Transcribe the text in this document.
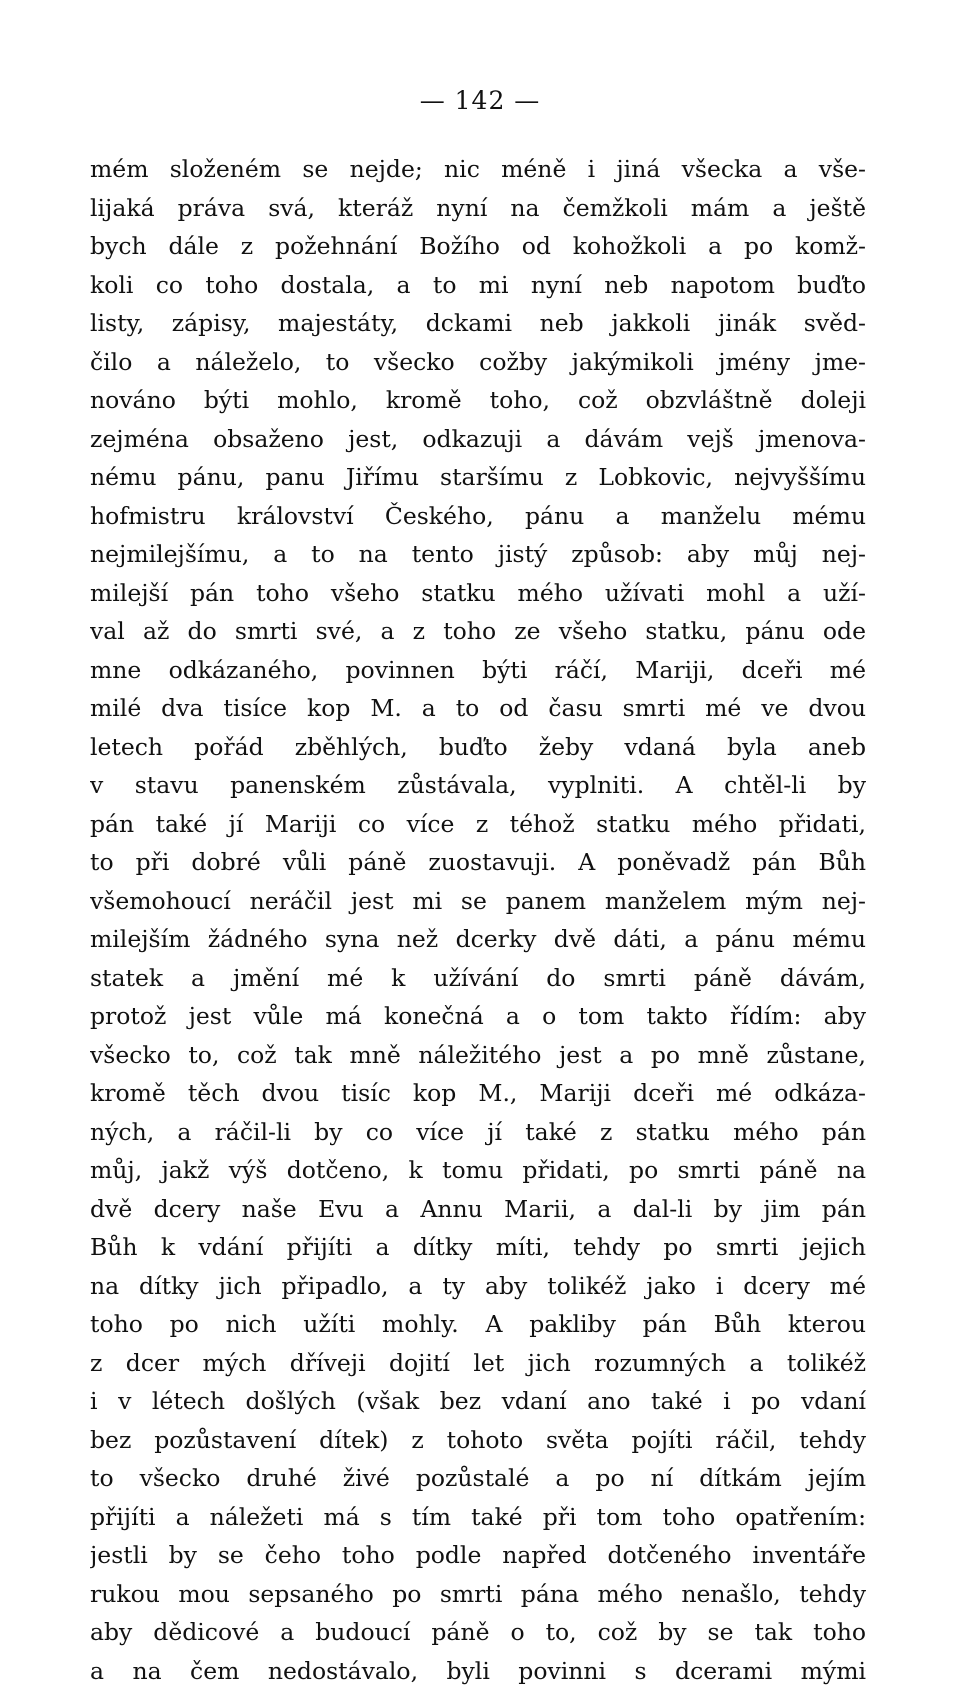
— 142 —
mém složeném se nejde; nic méně i jiná všecka a vše-
lijaká práva svá, kteráž nyní na čemžkoli mám a ještě
bych dále z požehnání Božího od kohožkoli a po komž-
koli co toho dostala, a to mi nyní neb napotom buďto
listy, zápisy, majestáty, dckami neb jakkoli jinák svěd-
čilo a náleželo, to všecko cožby jakýmikoli jmény jme-
nováno býti mohlo, kromě toho, což obzvláštně doleji
zejména obsaženo jest, odkazuji a dávám vejš jmenova-
nému pánu, panu Jiřímu staršímu z Lobkovic, nejvyššímu
hofmistru království Českého, pánu a manželu mému
nejmilejšímu, a to na tento jistý způsob: aby můj nej-
milejší pán toho všeho statku mého užívati mohl a uží-
val až do smrti své, a z toho ze všeho statku, pánu ode
mne odkázaného, povinnen býti ráčí, Mariji, dceři mé
milé dva tisíce kop M. a to od času smrti mé ve dvou
letech pořád zběhlých, buďto žeby vdaná byla aneb
v stavu panenském zůstávala, vyplniti. A chtěl-li by
pán také jí Mariji co více z téhož statku mého přidati,
to při dobré vůli páně zuostavuji. A poněvadž pán Bůh
všemohoucí neráčil jest mi se panem manželem mým nej-
milejším žádného syna než dcerky dvě dáti, a pánu mému
statek a jmění mé k užívání do smrti páně dávám,
protož jest vůle má konečná a o tom takto řídím: aby
všecko to, což tak mně náležitého jest a po mně zůstane,
kromě těch dvou tisíc kop M., Mariji dceři mé odkáza-
ných, a ráčil-li by co více jí také z statku mého pán
můj, jakž výš dotčeno, k tomu přidati, po smrti páně na
dvě dcery naše Evu a Annu Marii, a dal-li by jim pán
Bůh k vdání přijíti a dítky míti, tehdy po smrti jejich
na dítky jich připadlo, a ty aby tolikéž jako i dcery mé
toho po nich užíti mohly. A pakliby pán Bůh kterou
z dcer mých dříveji dojití let jich rozumných a tolikéž
i v létech došlých (však bez vdaní ano také i po vdaní
bez pozůstavení dítek) z tohoto světa pojíti ráčil, tehdy
to všecko druhé živé pozůstalé a po ní dítkám jejím
přijíti a náležeti má s tím také při tom toho opatřením:
jestli by se čeho toho podle napřed dotčeného inventáře
rukou mou sepsaného po smrti pána mého nenašlo, tehdy
aby dědicové a budoucí páně o to, což by se tak toho
a na čem nedostávalo, byli povinni s dcerami mými
